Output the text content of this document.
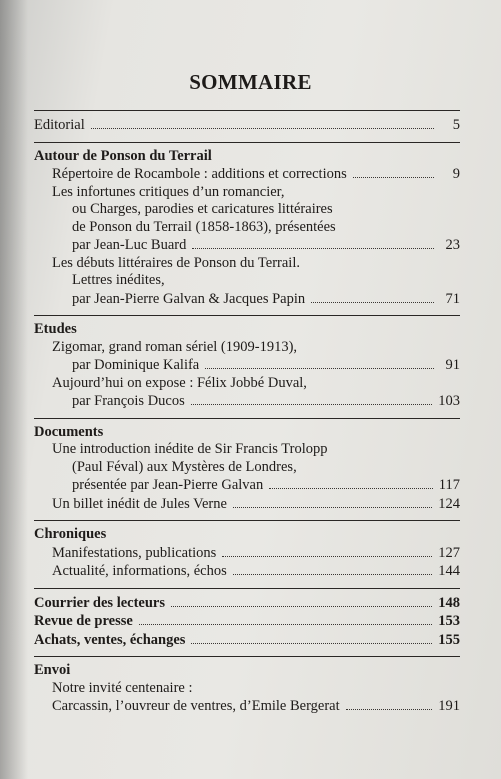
SOMMAIRE
Editorial	5
Autour de Ponson du Terrail
Répertoire de Rocambole : additions et corrections	9
Les infortunes critiques d’un romancier,
ou Charges, parodies et caricatures littéraires
de Ponson du Terrail (1858-1863), présentées
par Jean-Luc Buard	23
Les débuts littéraires de Ponson du Terrail.
Lettres inédites,
par Jean-Pierre Galvan & Jacques Papin	71
Etudes
Zigomar, grand roman sériel (1909-1913),
par Dominique Kalifa	91
Aujourd’hui on expose : Félix Jobbé Duval,
par François Ducos	103
Documents
Une introduction inédite de Sir Francis Trolopp
(Paul Féval) aux Mystères de Londres,
présentée par Jean-Pierre Galvan	117
Un billet inédit de Jules Verne	124
Chroniques
Manifestations, publications	127
Actualité, informations, échos	144
Courrier des lecteurs	148
Revue de presse	153
Achats, ventes, échanges	155
Envoi
Notre invité centenaire :
Carcassin, l’ouvreur de ventres, d’Emile Bergerat	191
